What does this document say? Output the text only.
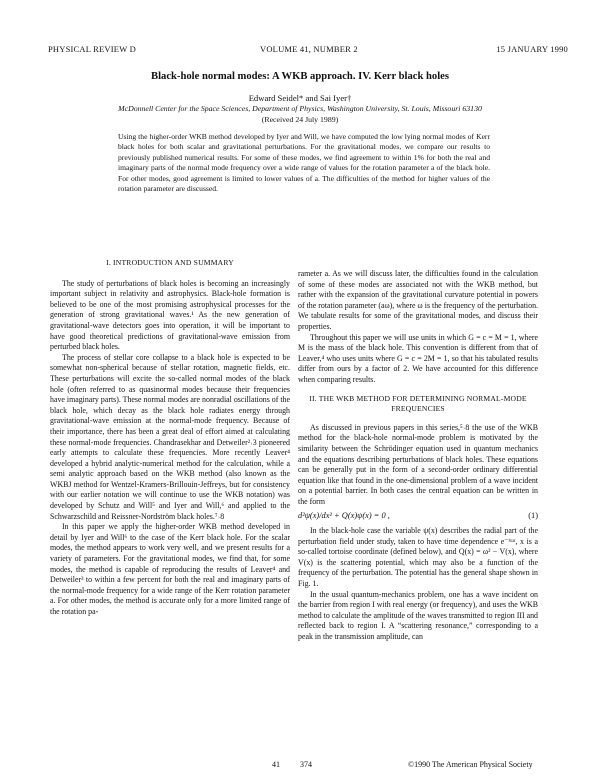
PHYSICAL REVIEW D	VOLUME 41, NUMBER 2	15 JANUARY 1990
Black-hole normal modes: A WKB approach. IV. Kerr black holes
Edward Seidel* and Sai Iyer†
McDonnell Center for the Space Sciences, Department of Physics, Washington University, St. Louis, Missouri 63130
(Received 24 July 1989)
Using the higher-order WKB method developed by Iyer and Will, we have computed the low lying normal modes of Kerr black holes for both scalar and gravitational perturbations. For the gravitational modes, we compare our results to previously published numerical results. For some of these modes, we find agreement to within 1% for both the real and imaginary parts of the normal mode frequency over a wide range of values for the rotation parameter a of the black hole. For other modes, good agreement is limited to lower values of a. The difficulties of the method for higher values of the rotation parameter are discussed.
I. INTRODUCTION AND SUMMARY

The study of perturbations of black holes is becoming an increasingly important subject in relativity and astrophysics. Black-hole formation is believed to be one of the most promising astrophysical processes for the generation of strong gravitational waves.¹ As the new generation of gravitational-wave detectors goes into operation, it will be important to have good theoretical predictions of gravitational-wave emission from perturbed black holes.

The process of stellar core collapse to a black hole is expected to be somewhat non-spherical because of stellar rotation, magnetic fields, etc. These perturbations will excite the so-called normal modes of the black hole (often referred to as quasinormal modes because their frequencies have imaginary parts). These normal modes are nonradial oscillations of the black hole, which decay as the black hole radiates energy through gravitational-wave emission at the normal-mode frequency. Because of their importance, there has been a great deal of effort aimed at calculating these normal-mode frequencies. Chandrasekhar and Detweiler²˒3 pioneered early attempts to calculate these frequencies. More recently Leaver⁴ developed a hybrid analytic-numerical method for the calculation, while a semi analytic approach based on the WKB method (also known as the WKBJ method for Wentzel-Kramers-Brillouin-Jeffreys, but for consistency with our earlier notation we will continue to use the WKB notation) was developed by Schutz and Will⁵ and Iyer and Will,⁶ and applied to the Schwarzschild and Reissner-Nordström black holes.⁷˒8

In this paper we apply the higher-order WKB method developed in detail by Iyer and Will⁶ to the case of the Kerr black hole. For the scalar modes, the method appears to work very well, and we present results for a variety of parameters. For the gravitational modes, we find that, for some modes, the method is capable of reproducing the results of Leaver⁴ and Detweiler³ to within a few percent for both the real and imaginary parts of the normal-mode frequency for a wide range of the Kerr rotation parameter a. For other modes, the method is accurate only for a more limited range of the rotation pa-

rameter a. As we will discuss later, the difficulties found in the calculation of some of these modes are associated not with the WKB method, but rather with the expansion of the gravitational curvature potential in powers of the rotation parameter (aω), where ω is the frequency of the perturbation. We tabulate results for some of the gravitational modes, and discuss their properties.

Throughout this paper we will use units in which G = c = M = 1, where M is the mass of the black hole. This convention is different from that of Leaver,⁴ who uses units where G = c = 2M = 1, so that his tabulated results differ from ours by a factor of 2. We have accounted for this difference when comparing results.

II. THE WKB METHOD FOR DETERMINING NORMAL-MODE FREQUENCIES

As discussed in previous papers in this series,⁵˒8 the use of the WKB method for the black-hole normal-mode problem is motivated by the similarity between the Schrödinger equation used in quantum mechanics and the equations describing perturbations of black holes. These equations can be generally put in the form of a second-order ordinary differential equation like that found in the one-dimensional problem of a wave incident on a potential barrier. In both cases the central equation can be written in the form

d²ψ(x)/dx² + Q(x)ψ(x) = 0 ,	(1)

In the black-hole case the variable ψ(x) describes the radial part of the perturbation field under study, taken to have time dependence e⁻ⁱᵚᵗ, x is a so-called tortoise coordinate (defined below), and Q(x) = ω² − V(x), where V(x) is the scattering potential, which may also be a function of the frequency of the perturbation. The potential has the general shape shown in Fig. 1.

In the usual quantum-mechanics problem, one has a wave incident on the barrier from region I with real energy (or frequency), and uses the WKB method to calculate the amplitude of the waves transmitted to region III and reflected back to region I. A “scattering resonance,” corresponding to a peak in the transmission amplitude, can

41	374	©1990 The American Physical Society
